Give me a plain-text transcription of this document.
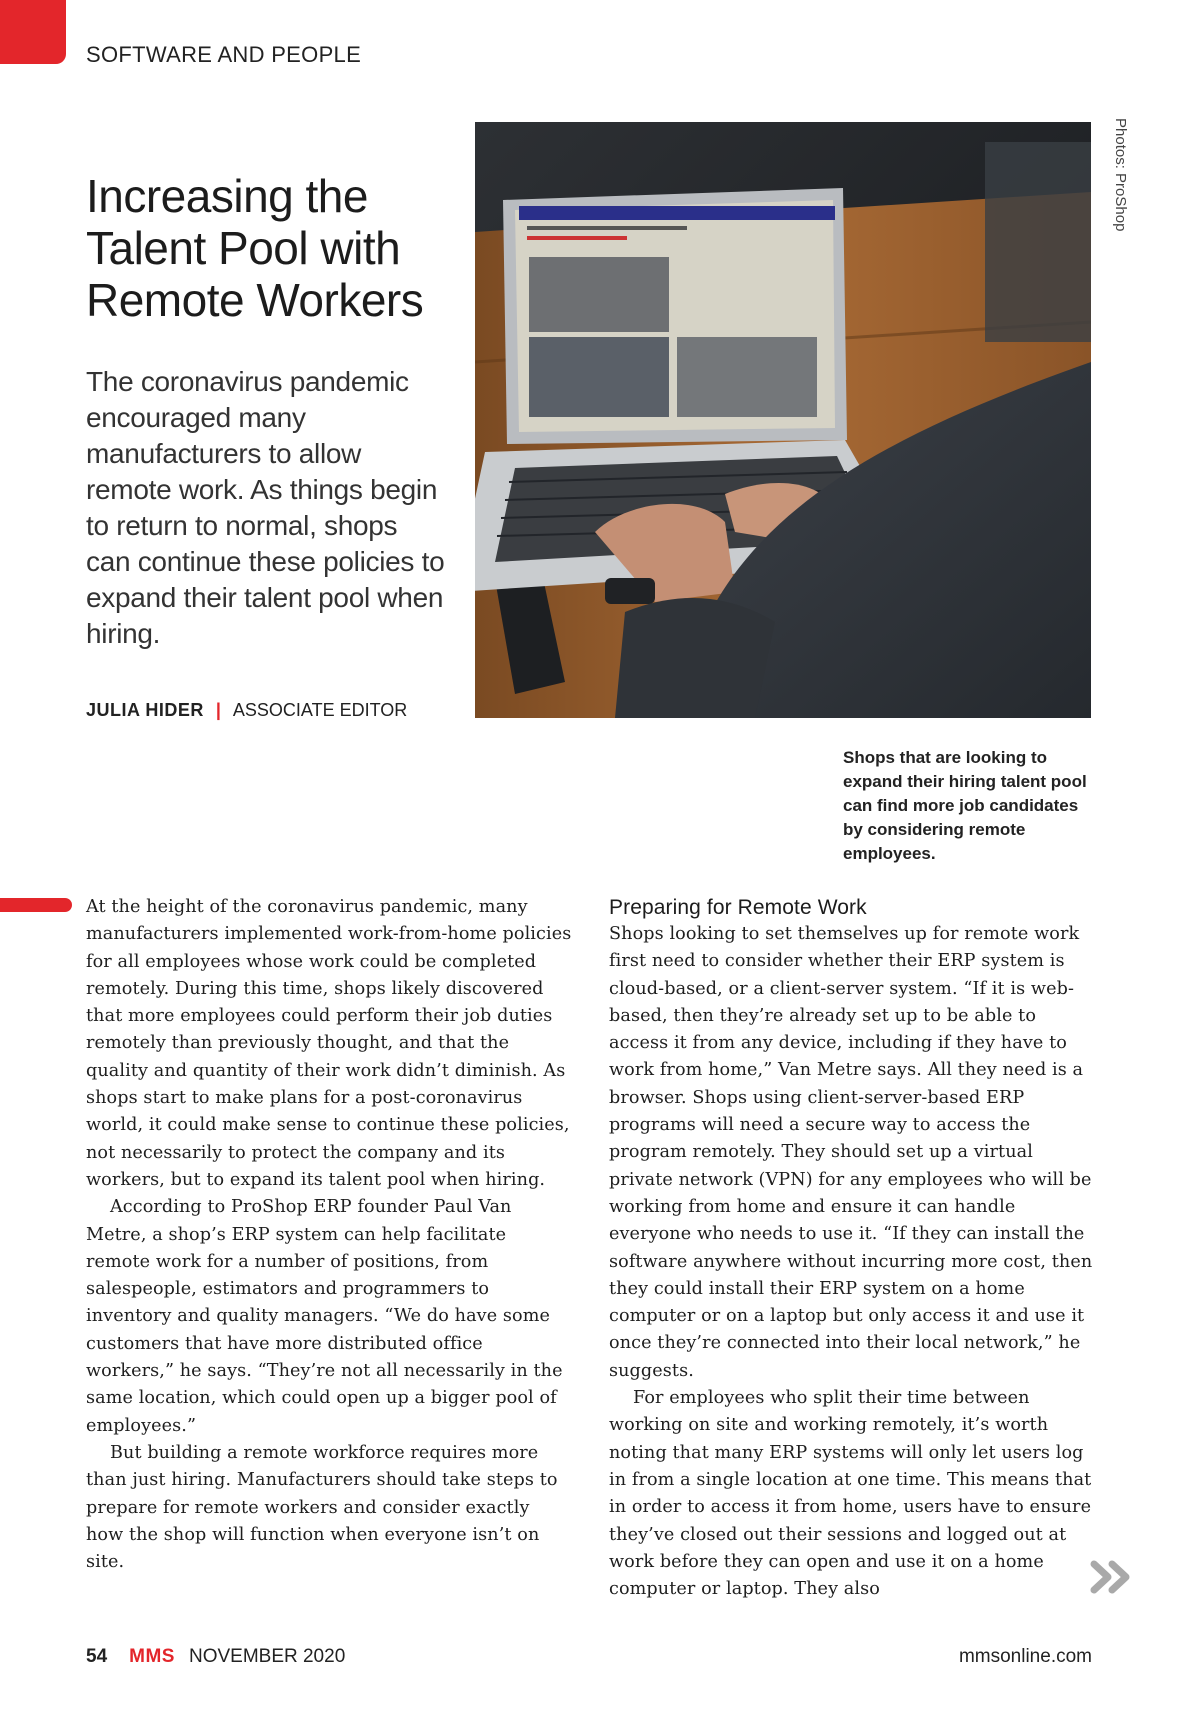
SOFTWARE AND PEOPLE
Increasing the Talent Pool with Remote Workers

The coronavirus pandemic encouraged many manufacturers to allow remote work. As things begin to return to normal, shops can continue these policies to expand their talent pool when hiring.

JULIA HIDER | ASSOCIATE EDITOR
Photos: ProShop

Shops that are looking to expand their hiring talent pool can find more job candidates by considering remote employees.

At the height of the coronavirus pandemic, many manufacturers implemented work-from-home policies for all employees whose work could be completed remotely. During this time, shops likely discovered that more employees could perform their job duties remotely than previously thought, and that the quality and quantity of their work didn’t diminish. As shops start to make plans for a post-coronavirus world, it could make sense to continue these policies, not necessarily to protect the company and its workers, but to expand its talent pool when hiring.

According to ProShop ERP founder Paul Van Metre, a shop’s ERP system can help facilitate remote work for a number of positions, from salespeople, estimators and programmers to inventory and quality managers. “We do have some customers that have more distributed office workers,” he says. “They’re not all necessarily in the same location, which could open up a bigger pool of employees.”

But building a remote workforce requires more than just hiring. Manufacturers should take steps to prepare for remote workers and consider exactly how the shop will function when everyone isn’t on site.

Preparing for Remote Work

Shops looking to set themselves up for remote work first need to consider whether their ERP system is cloud-based, or a client-server system. “If it is web-based, then they’re already set up to be able to access it from any device, including if they have to work from home,” Van Metre says. All they need is a browser. Shops using client-server-based ERP programs will need a secure way to access the program remotely. They should set up a virtual private network (VPN) for any employees who will be working from home and ensure it can handle everyone who needs to use it. “If they can install the software anywhere without incurring more cost, then they could install their ERP system on a home computer or on a laptop but only access it and use it once they’re connected into their local network,” he suggests.

For employees who split their time between working on site and working remotely, it’s worth noting that many ERP systems will only let users log in from a single location at one time. This means that in order to access it from home, users have to ensure they’ve closed out their sessions and logged out at work before they can open and use it on a home computer or laptop. They also

54 MMS NOVEMBER 2020	mmsonline.com
